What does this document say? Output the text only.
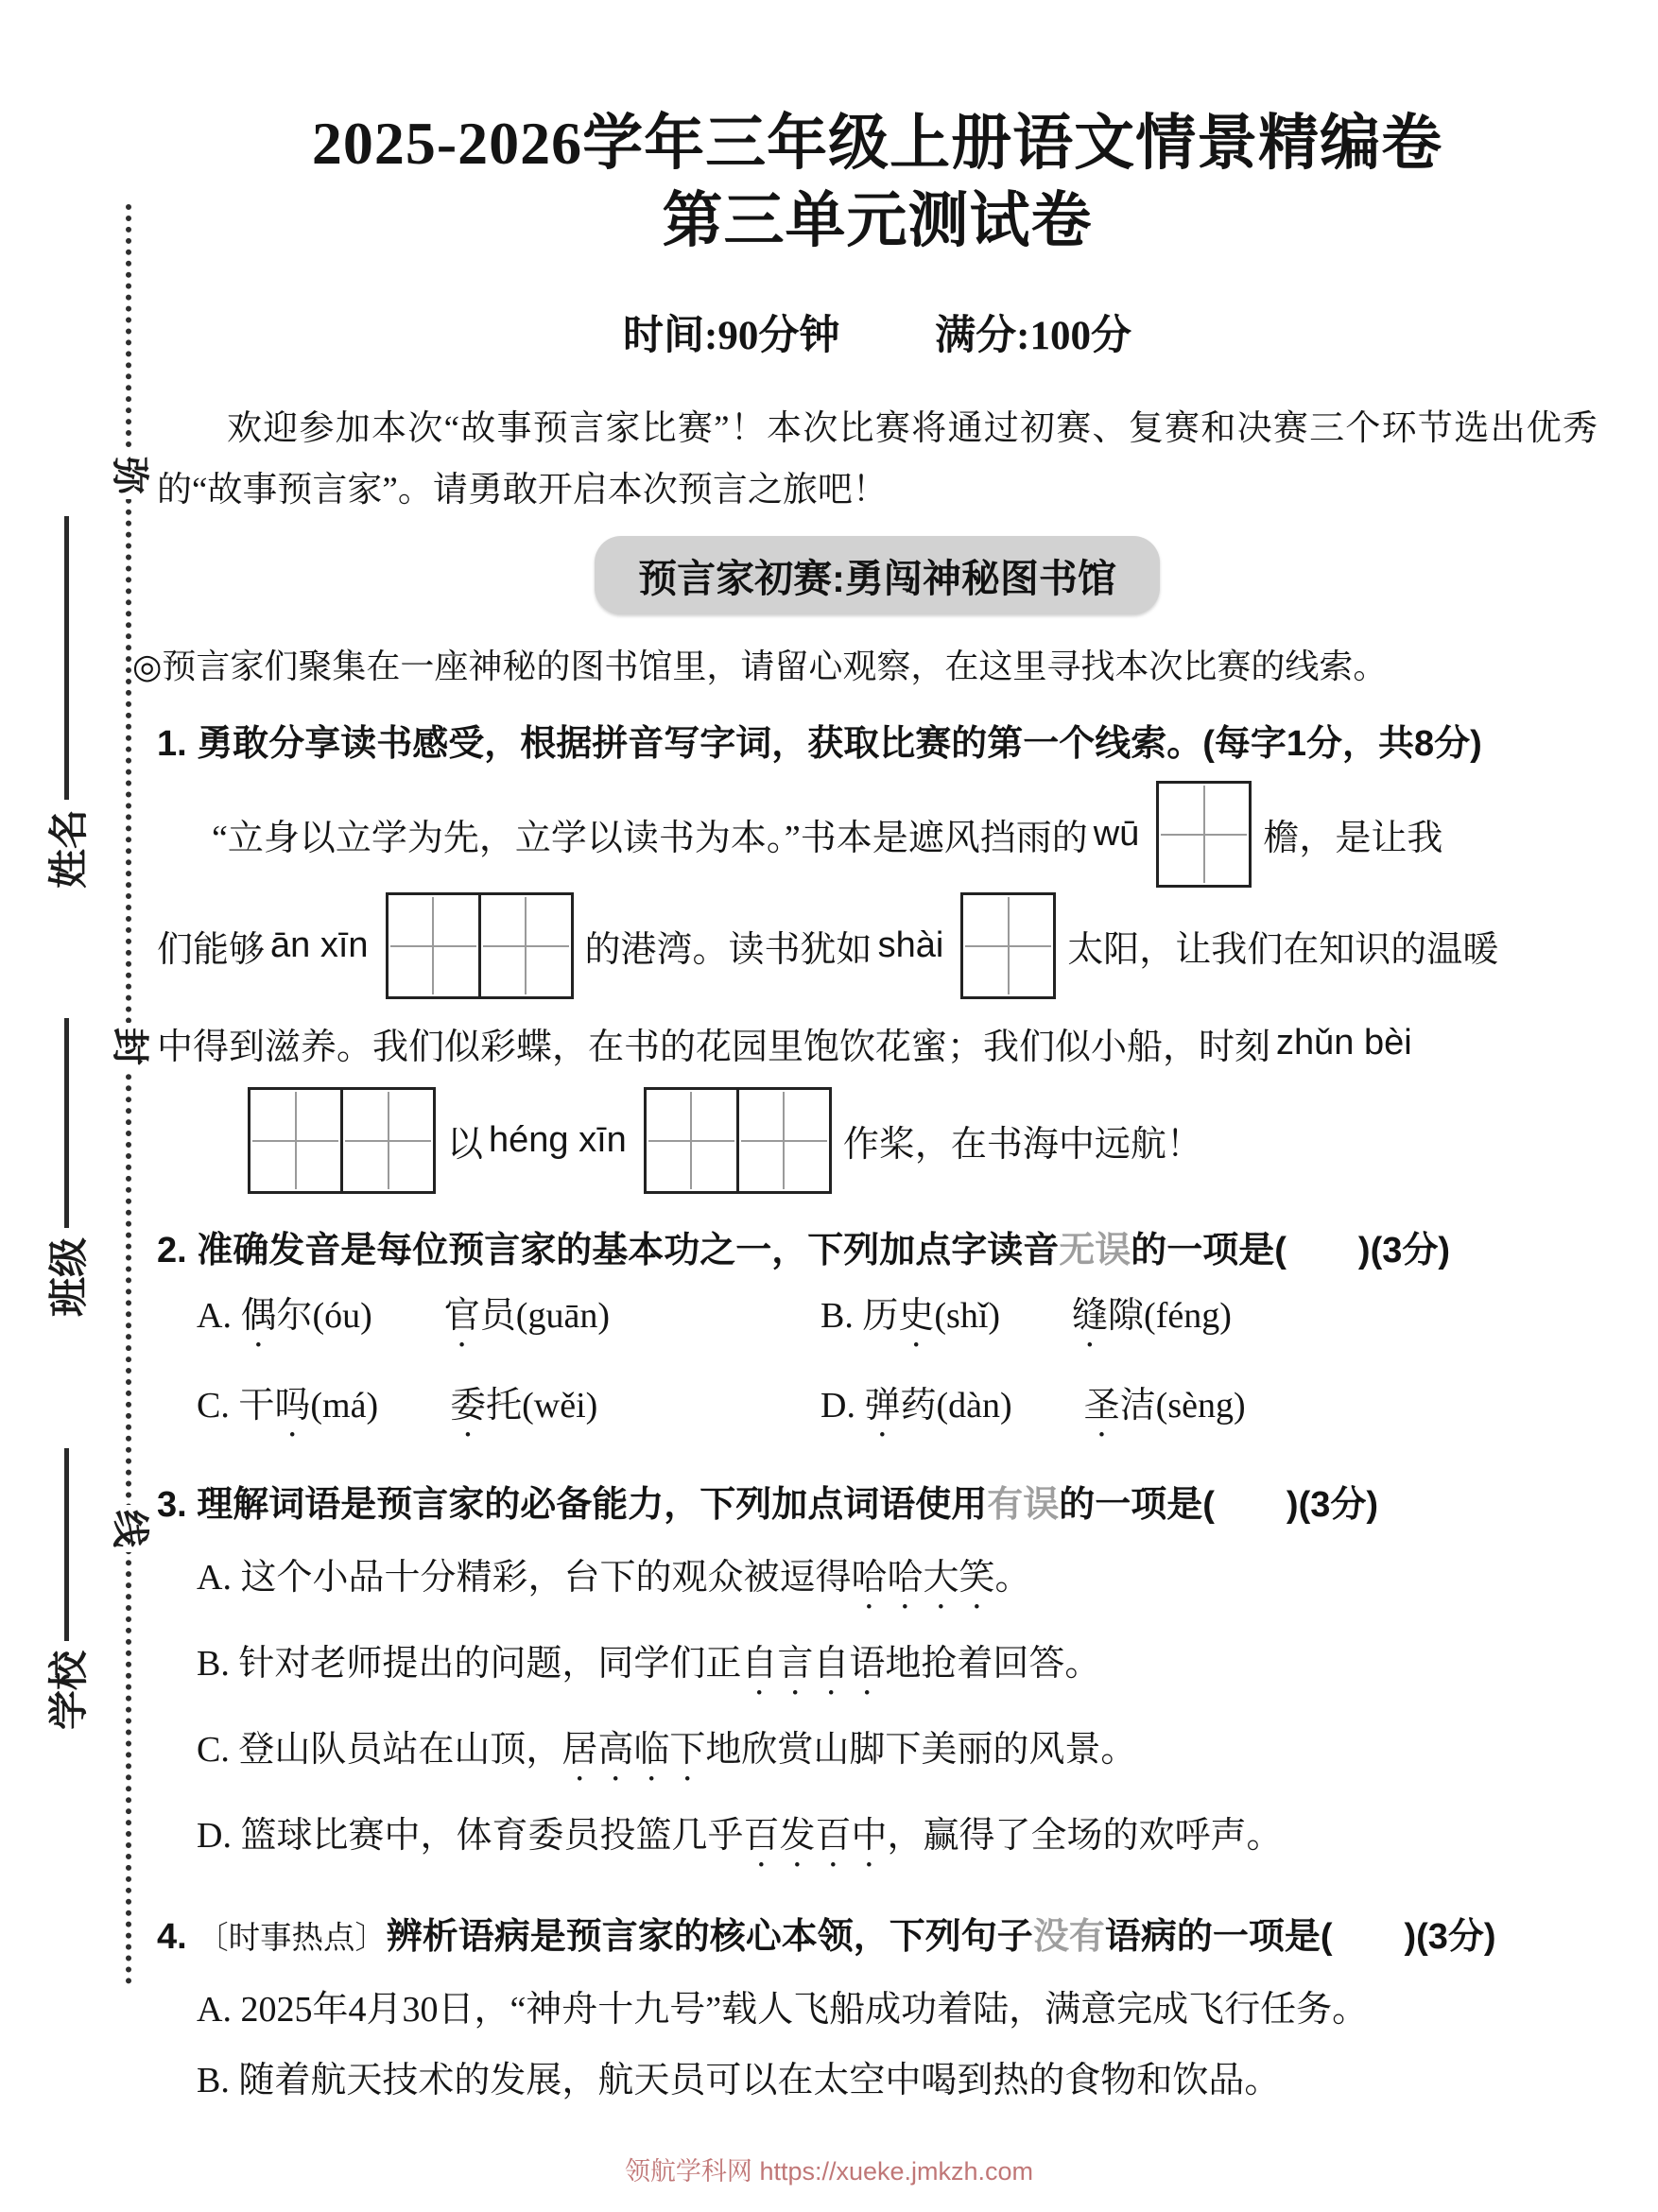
弥
封
线
姓名
班级
学校
2025-2026学年三年级上册语文情景精编卷
第三单元测试卷
时间:90分钟 满分:100分
欢迎参加本次“故事预言家比赛”！本次比赛将通过初赛、复赛和决赛三个环节选出优秀的“故事预言家”。请勇敢开启本次预言之旅吧！
预言家初赛:勇闯神秘图书馆
◎预言家们聚集在一座神秘的图书馆里，请留心观察，在这里寻找本次比赛的线索。
1. 勇敢分享读书感受，根据拼音写字词，获取比赛的第一个线索。(每字1分，共8分)
“立身以立学为先，立学以读书为本。”书本是遮风挡雨的 wū	檐，是让我
们能够 ān xīn	的港湾。读书犹如 shài	太阳，让我们在知识的温暖
中得到滋养。我们似彩蝶，在书的花园里饱饮花蜜；我们似小船，时刻 zhǔn bèi
以 héng xīn	作桨，在书海中远航！
2. 准确发音是每位预言家的基本功之一，下列加点字读音无误的一项是(　　)(3分)
A. 偶尔(óu)　　官员(guān)	B. 历史(shǐ)　　缝隙(féng)
C. 干吗(má)　　委托(wěi)	D. 弹药(dàn)　　圣洁(sèng)
3. 理解词语是预言家的必备能力，下列加点词语使用有误的一项是(　　)(3分)
A. 这个小品十分精彩，台下的观众被逗得哈哈大笑。
B. 针对老师提出的问题，同学们正自言自语地抢着回答。
C. 登山队员站在山顶，居高临下地欣赏山脚下美丽的风景。
D. 篮球比赛中，体育委员投篮几乎百发百中，赢得了全场的欢呼声。
4. 〔时事热点〕辨析语病是预言家的核心本领，下列句子没有语病的一项是(　　)(3分)
A. 2025年4月30日，“神舟十九号”载人飞船成功着陆，满意完成飞行任务。
B. 随着航天技术的发展，航天员可以在太空中喝到热的食物和饮品。
领航学科网 https://xueke.jmkzh.com
